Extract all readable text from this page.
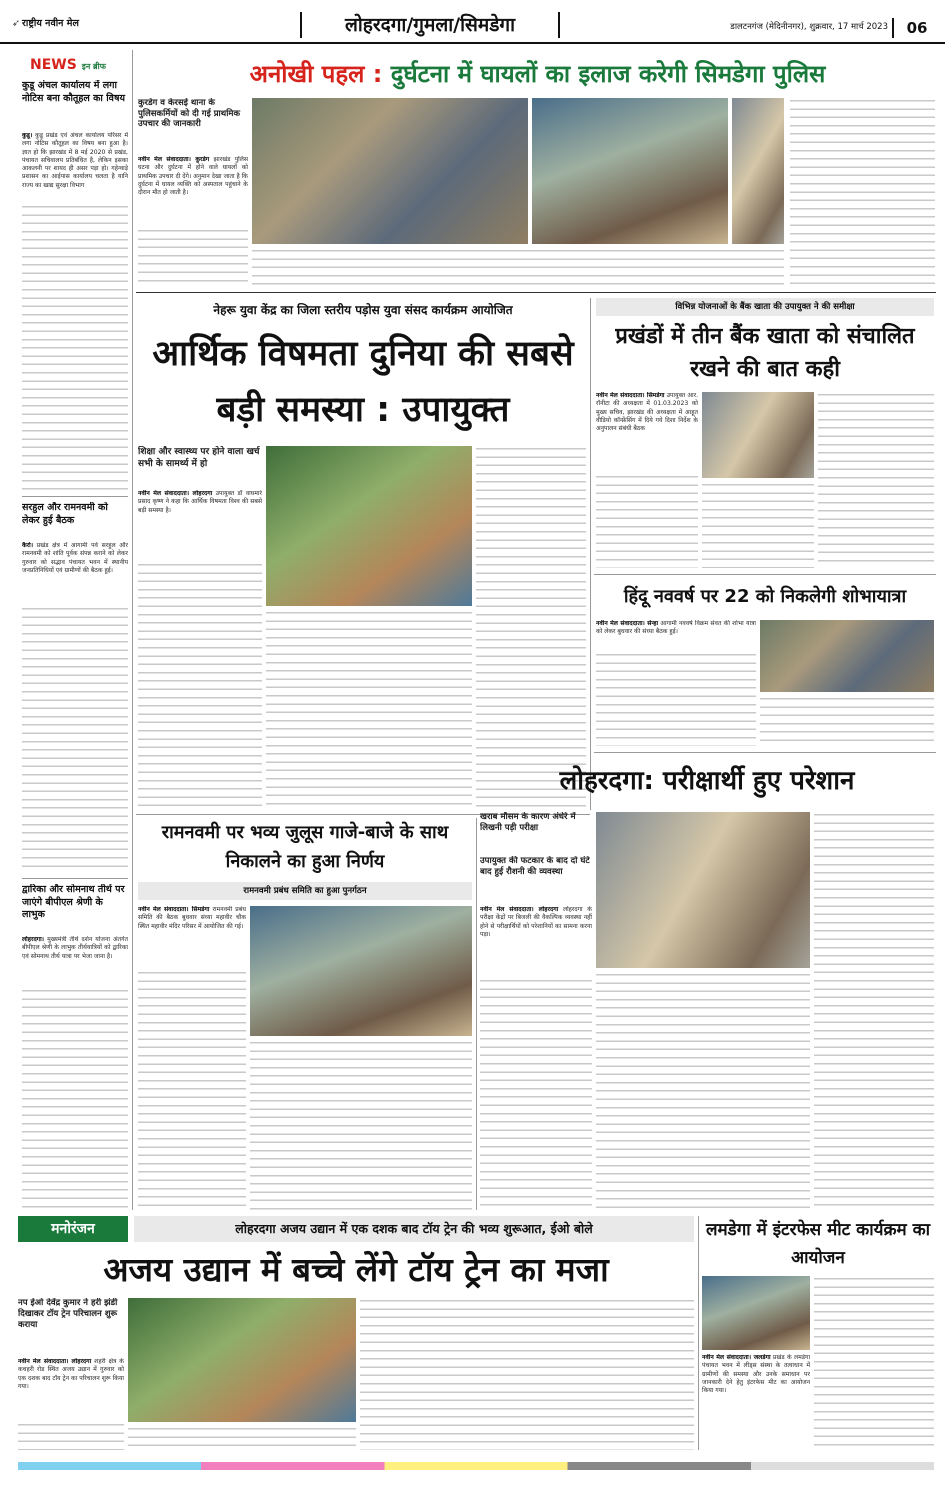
➶ राष्ट्रीय नवीन मेल	लोहरदगा/गुमला/सिमडेगा	डालटनगंज (मेदिनीनगर), शुक्रवार, 17 मार्च 2023	06
NEWS इन ब्रीफ
कुडू अंचल कार्यालय में लगा नोटिस बना कौतूहल का विषय
कुडू। कुडू प्रखंड एवं अंचल कार्यालय परिसर में लगा नोटिस कौतूहल का विषय बना हुआ है। ज्ञात हो कि झारखंड में 8 मई 2020 से प्रखंड, पंचायत सचिवालय प्रतिबंधित है, लेकिन इसका आकलनी पर शायद ही असर पड़ा हो। गहेन्वाड़े प्रशासन का आईपास कार्यालय चलता है यानि राज्य का खाद्य सुरक्षा विभाग
सरहुल और रामनवमी को लेकर हुई बैठक
कैरो। प्रखंड क्षेत्र में आगामी पर्व सरहुल और रामनवमी को शांति पूर्वक संपन्न कराने को लेकर गुरुवार को सद्भाव पंचायत भवन में स्थानीय जनप्रतिनिधियों एवं ग्रामीणों की बैठक हुई।
द्वारिका और सोमनाथ तीर्थ पर जाएंगे बीपीएल श्रेणी के लाभुक
लोहरदगा। मुख्यमंत्री तीर्थ दर्शन योजना अंतर्गत बीपीएल श्रेणी के लाभुक तीर्थयात्रियों को द्वारिका एवं सोमनाथ तीर्थ यात्रा पर भेजा जाना है।
अनोखी पहल : दुर्घटना में घायलों का इलाज करेगी सिमडेगा पुलिस
कुरडेग व केरसई थाना के पुलिसकर्मियों को दी गई प्राथमिक उपचार की जानकारी
नवीन मेल संवाददाता। कुरडेग झारखंड पुलिस घटना और दुर्घटना में होने वाले घायलों को प्राथमिक उपचार दी देंगे। अनुमान देखा जाता है कि दुर्घटना में घायल व्यक्ति को अस्पताल पहुंचाने के दौरान मौत हो जाती है।
नेहरू युवा केंद्र का जिला स्तरीय पड़ोस युवा संसद कार्यक्रम आयोजित
आर्थिक विषमता दुनिया की सबसे बड़ी समस्या : उपायुक्त
शिक्षा और स्वास्थ्य पर होने वाला खर्च सभी के सामर्थ्य में हो
नवीन मेल संवाददाता। लोहरदगा उपायुक्त डॉ वाघमारे प्रसाद कृष्ण ने कहा कि आर्थिक विषमता विश्व की सबसे बड़ी समस्या है।
विभिन्न योजनाओं के बैंक खाता की उपायुक्त ने की समीक्षा
प्रखंडों में तीन बैंक खाता को संचालित रखने की बात कही
नवीन मेल संवाददाता। सिमडेगा उपायुक्त आर. रॉनीटा की अध्यक्षता में 01.03.2023 को मुख्य सचिव, झारखंड की अध्यक्षता में आहूत वीडियो कॉन्फ्रेंसिंग में दिये गये दिशा निर्देश के अनुपालन संबंधी बैठक
हिंदू नववर्ष पर 22 को निकलेगी शोभायात्रा
नवीन मेल संवाददाता। सेन्हा आगामी नववर्ष विक्रम संवत की शोभा यात्रा को लेकर बुधवार की संध्या बैठक हुई।
रामनवमी पर भव्य जुलूस गाजे-बाजे के साथ निकालने का हुआ निर्णय
रामनवमी प्रबंध समिति का हुआ पुनर्गठन
नवीन मेल संवाददाता। सिमडेगा रामनवमी प्रबंध समिति की बैठक बुधवार संध्या महावीर चौक स्थित महावीर मंदिर परिसर में आयोजित की गई।
लोहरदगा: परीक्षार्थी हुए परेशान
खराब मौसम के कारण अंधेरे में लिखनी पड़ी परीक्षा
उपायुक्त की फटकार के बाद दो घंटे बाद हुई रौशनी की व्यवस्था
नवीन मेल संवाददाता। लोहरदगा लोहरदगा के परीक्षा केंद्रों पर बिजली की वैकल्पिक व्यवस्था नहीं होने से परीक्षार्थियों को परेशानियों का सामना करना पड़ा।
मनोरंजन	लोहरदगा अजय उद्यान में एक दशक बाद टॉय ट्रेन की भव्य शुरूआत, ईओ बोले
अजय उद्यान में बच्चे लेंगे टॉय ट्रेन का मजा
नप ईओ देवेंद्र कुमार ने हरी झंडी दिखाकर टॉय ट्रेन परिचालन शुरू कराया
नवीन मेल संवाददाता। लोहरदगा शहरी क्षेत्र के कचहरी रोड स्थित अजय उद्यान में गुरुवार को एक दशक बाद टॉय ट्रेन का परिचालन शुरू किया गया।
लमडेगा में इंटरफेस मीट कार्यक्रम का आयोजन
नवीन मेल संवाददाता। जलडेगा प्रखंड के लमडेगा पंचायत भवन में लीड्स संस्था के तत्वाधान में ग्रामीणों की समस्या और उनके समाधान पर जानकारी देने हेतु इंटरफेस मीट का आयोजन किया गया।
